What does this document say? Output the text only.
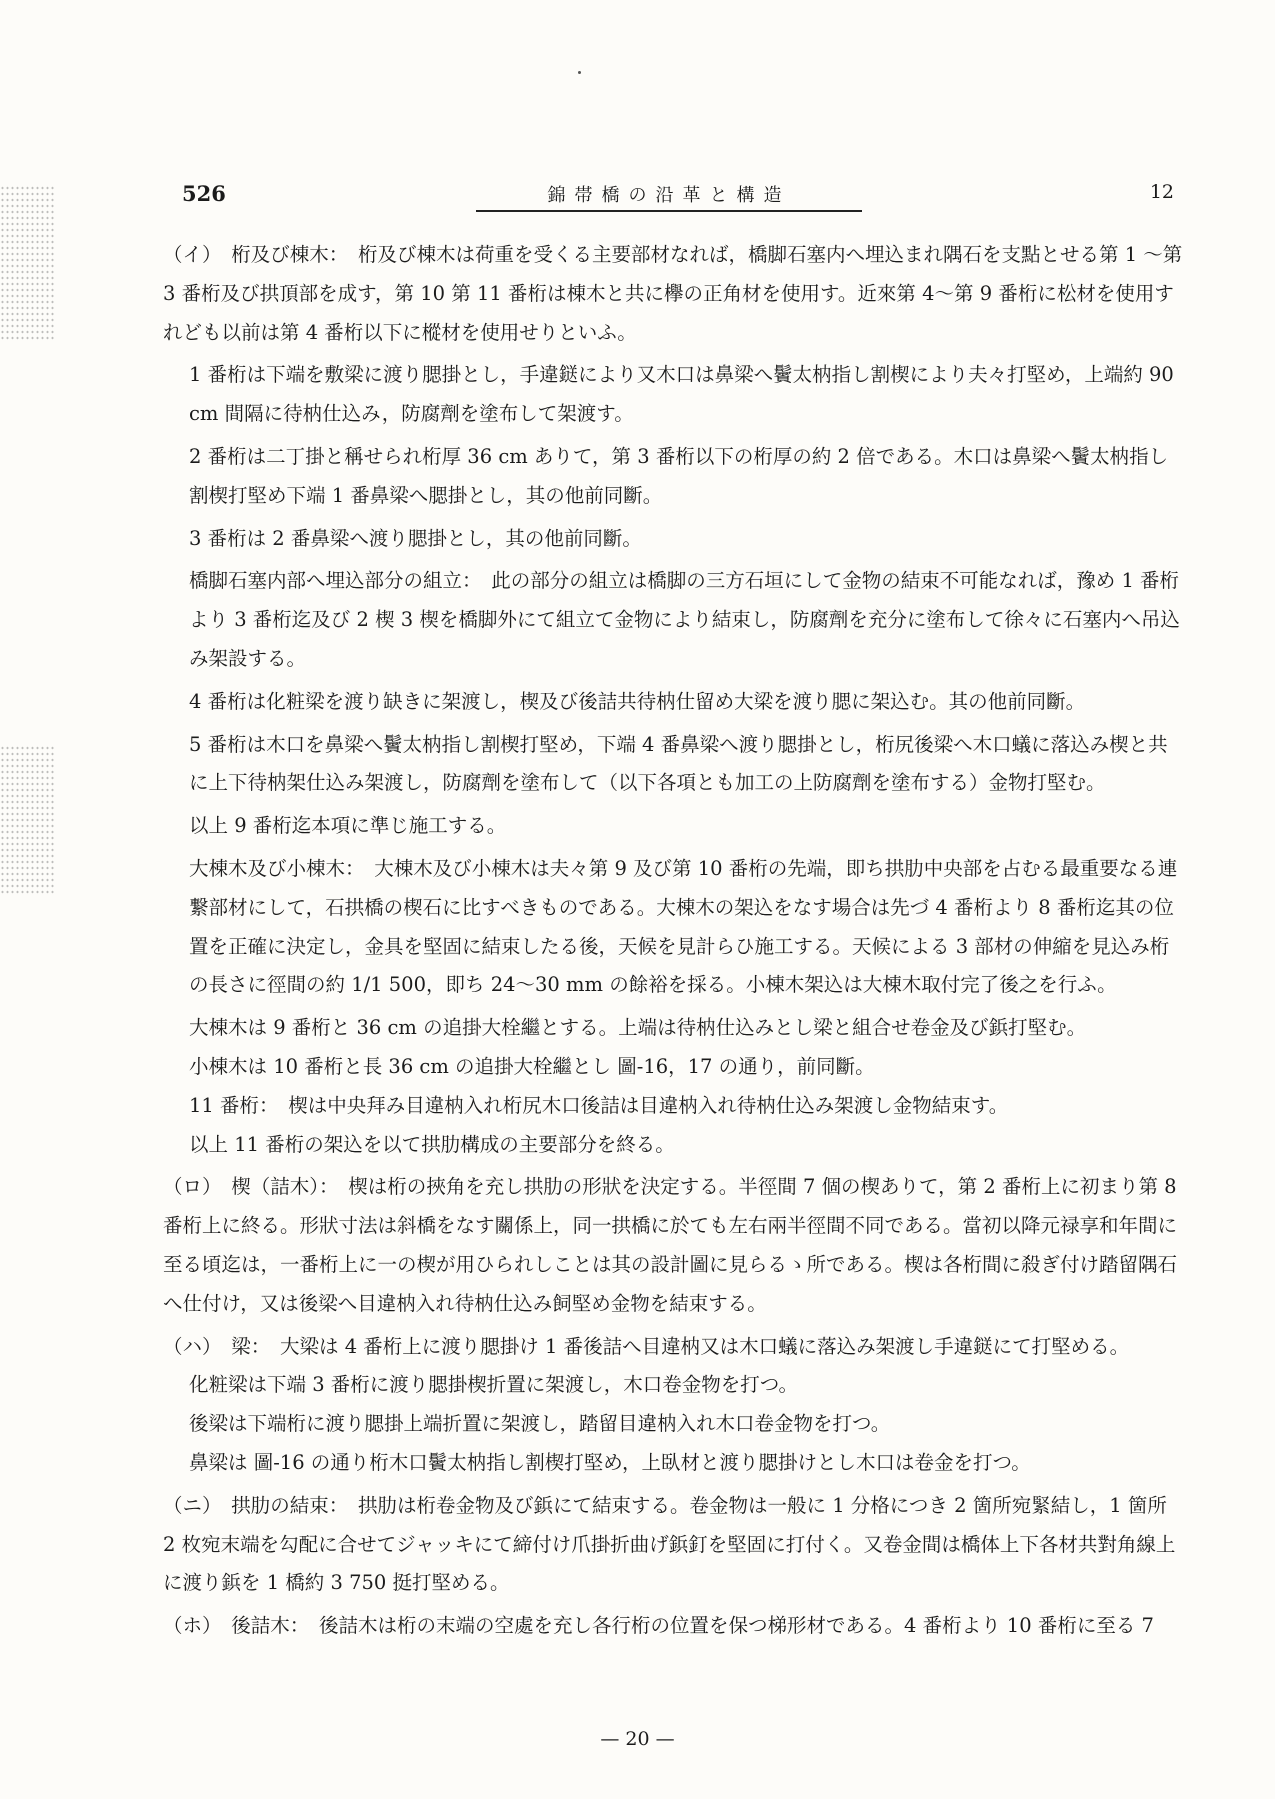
526	錦帯橋の沿革と構造	12

（イ）　桁及び棟木：　桁及び棟木は荷重を受くる主要部材なれば，橋脚石塞内へ埋込まれ隅石を支點とせる第 1 ～第 3 番桁及び拱頂部を成す，第 10 第 11 番桁は棟木と共に欅の正角材を使用す。近來第 4～第 9 番桁に松材を使用すれども以前は第 4 番桁以下に樅材を使用せりといふ。

1 番桁は下端を敷梁に渡り腮掛とし，手違鎹により又木口は鼻梁へ鬢太枘指し割楔により夫々打堅め，上端約 90 cm 間隔に待枘仕込み，防腐劑を塗布して架渡す。

2 番桁は二丁掛と稱せられ桁厚 36 cm ありて，第 3 番桁以下の桁厚の約 2 倍である。木口は鼻梁へ鬢太枘指し割楔打堅め下端 1 番鼻梁へ腮掛とし，其の他前同斷。

3 番桁は 2 番鼻梁へ渡り腮掛とし，其の他前同斷。

橋脚石塞内部へ埋込部分の組立：　此の部分の組立は橋脚の三方石垣にして金物の結束不可能なれば，豫め 1 番桁より 3 番桁迄及び 2 楔 3 楔を橋脚外にて組立て金物により結束し，防腐劑を充分に塗布して徐々に石塞内へ吊込み架設する。

4 番桁は化粧梁を渡り缺きに架渡し，楔及び後詰共待枘仕留め大梁を渡り腮に架込む。其の他前同斷。

5 番桁は木口を鼻梁へ鬢太枘指し割楔打堅め，下端 4 番鼻梁へ渡り腮掛とし，桁尻後梁へ木口蟻に落込み楔と共に上下待枘架仕込み架渡し，防腐劑を塗布して（以下各項とも加工の上防腐劑を塗布する）金物打堅む。

以上 9 番桁迄本項に準じ施工する。

大棟木及び小棟木：　大棟木及び小棟木は夫々第 9 及び第 10 番桁の先端，即ち拱肋中央部を占むる最重要なる連繋部材にして，石拱橋の楔石に比すべきものである。大棟木の架込をなす場合は先づ 4 番桁より 8 番桁迄其の位置を正確に決定し，金具を堅固に結束したる後，天候を見計らひ施工する。天候による 3 部材の伸縮を見込み桁の長さに徑間の約 1/1 500，即ち 24～30 mm の餘裕を採る。小棟木架込は大棟木取付完了後之を行ふ。

大棟木は 9 番桁と 36 cm の追掛大栓繼とする。上端は待枘仕込みとし梁と組合せ卷金及び鋲打堅む。

小棟木は 10 番桁と長 36 cm の追掛大栓繼とし 圖-16，17 の通り，前同斷。

11 番桁：　楔は中央拜み目違枘入れ桁尻木口後詰は目違枘入れ待枘仕込み架渡し金物結束す。

以上 11 番桁の架込を以て拱肋構成の主要部分を終る。

（ロ）　楔（詰木）：　楔は桁の挾角を充し拱肋の形狀を決定する。半徑間 7 個の楔ありて，第 2 番桁上に初まり第 8 番桁上に終る。形狀寸法は斜橋をなす關係上，同一拱橋に於ても左右兩半徑間不同である。當初以降元禄享和年間に至る頃迄は，一番桁上に一の楔が用ひられしことは其の設計圖に見らるゝ所である。楔は各桁間に殺ぎ付け踏留隅石へ仕付け，又は後梁へ目違枘入れ待枘仕込み飼堅め金物を結束する。

（ハ）　梁：　大梁は 4 番桁上に渡り腮掛け 1 番後詰へ目違枘又は木口蟻に落込み架渡し手違鎹にて打堅める。

化粧梁は下端 3 番桁に渡り腮掛楔折置に架渡し，木口卷金物を打つ。

後梁は下端桁に渡り腮掛上端折置に架渡し，踏留目違枘入れ木口卷金物を打つ。

鼻梁は 圖-16 の通り桁木口鬢太枘指し割楔打堅め，上臥材と渡り腮掛けとし木口は卷金を打つ。

（ニ）　拱肋の結束：　拱肋は桁卷金物及び鋲にて結束する。卷金物は一般に 1 分格につき 2 箇所宛緊結し，1 箇所 2 枚宛末端を勾配に合せてジャッキにて締付け爪掛折曲げ鋲釘を堅固に打付く。又卷金間は橋体上下各材共對角線上に渡り鋲を 1 橋約 3 750 挺打堅める。

（ホ）　後詰木：　後詰木は桁の末端の空處を充し各行桁の位置を保つ梯形材である。4 番桁より 10 番桁に至る 7

— 20 —
